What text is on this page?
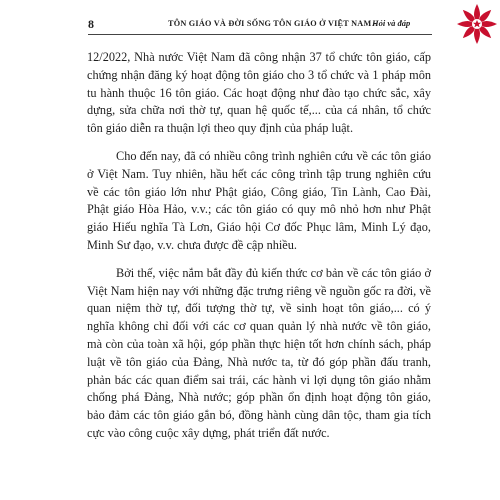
8	TÔN GIÁO VÀ ĐỜI SỐNG TÔN GIÁO Ở VIỆT NAM -
Hỏi và đáp

12/2022, Nhà nước Việt Nam đã công nhận 37 tổ chức tôn giáo, cấp chứng nhận đăng ký hoạt động tôn giáo cho 3 tổ chức và 1 pháp môn tu hành thuộc 16 tôn giáo. Các hoạt động như đào tạo chức sắc, xây dựng, sửa chữa nơi thờ tự, quan hệ quốc tế,... của cá nhân, tổ chức tôn giáo diễn ra thuận lợi theo quy định của pháp luật.

Cho đến nay, đã có nhiều công trình nghiên cứu về các tôn giáo ở Việt Nam. Tuy nhiên, hầu hết các công trình tập trung nghiên cứu về các tôn giáo lớn như Phật giáo, Công giáo, Tin Lành, Cao Đài, Phật giáo Hòa Hảo, v.v.; các tôn giáo có quy mô nhỏ hơn như Phật giáo Hiếu nghĩa Tà Lơn, Giáo hội Cơ đốc Phục lâm, Minh Lý đạo, Minh Sư đạo, v.v. chưa được đề cập nhiều.

Bởi thế, việc nắm bắt đầy đủ kiến thức cơ bản về các tôn giáo ở Việt Nam hiện nay với những đặc trưng riêng về nguồn gốc ra đời, về quan niệm thờ tự, đối tượng thờ tự, về sinh hoạt tôn giáo,... có ý nghĩa không chỉ đối với các cơ quan quản lý nhà nước về tôn giáo, mà còn của toàn xã hội, góp phần thực hiện tốt hơn chính sách, pháp luật về tôn giáo của Đảng, Nhà nước ta, từ đó góp phần đấu tranh, phản bác các quan điểm sai trái, các hành vi lợi dụng tôn giáo nhằm chống phá Đảng, Nhà nước; góp phần ổn định hoạt động tôn giáo, bảo đảm các tôn giáo gắn bó, đồng hành cùng dân tộc, tham gia tích cực vào công cuộc xây dựng, phát triển đất nước.
